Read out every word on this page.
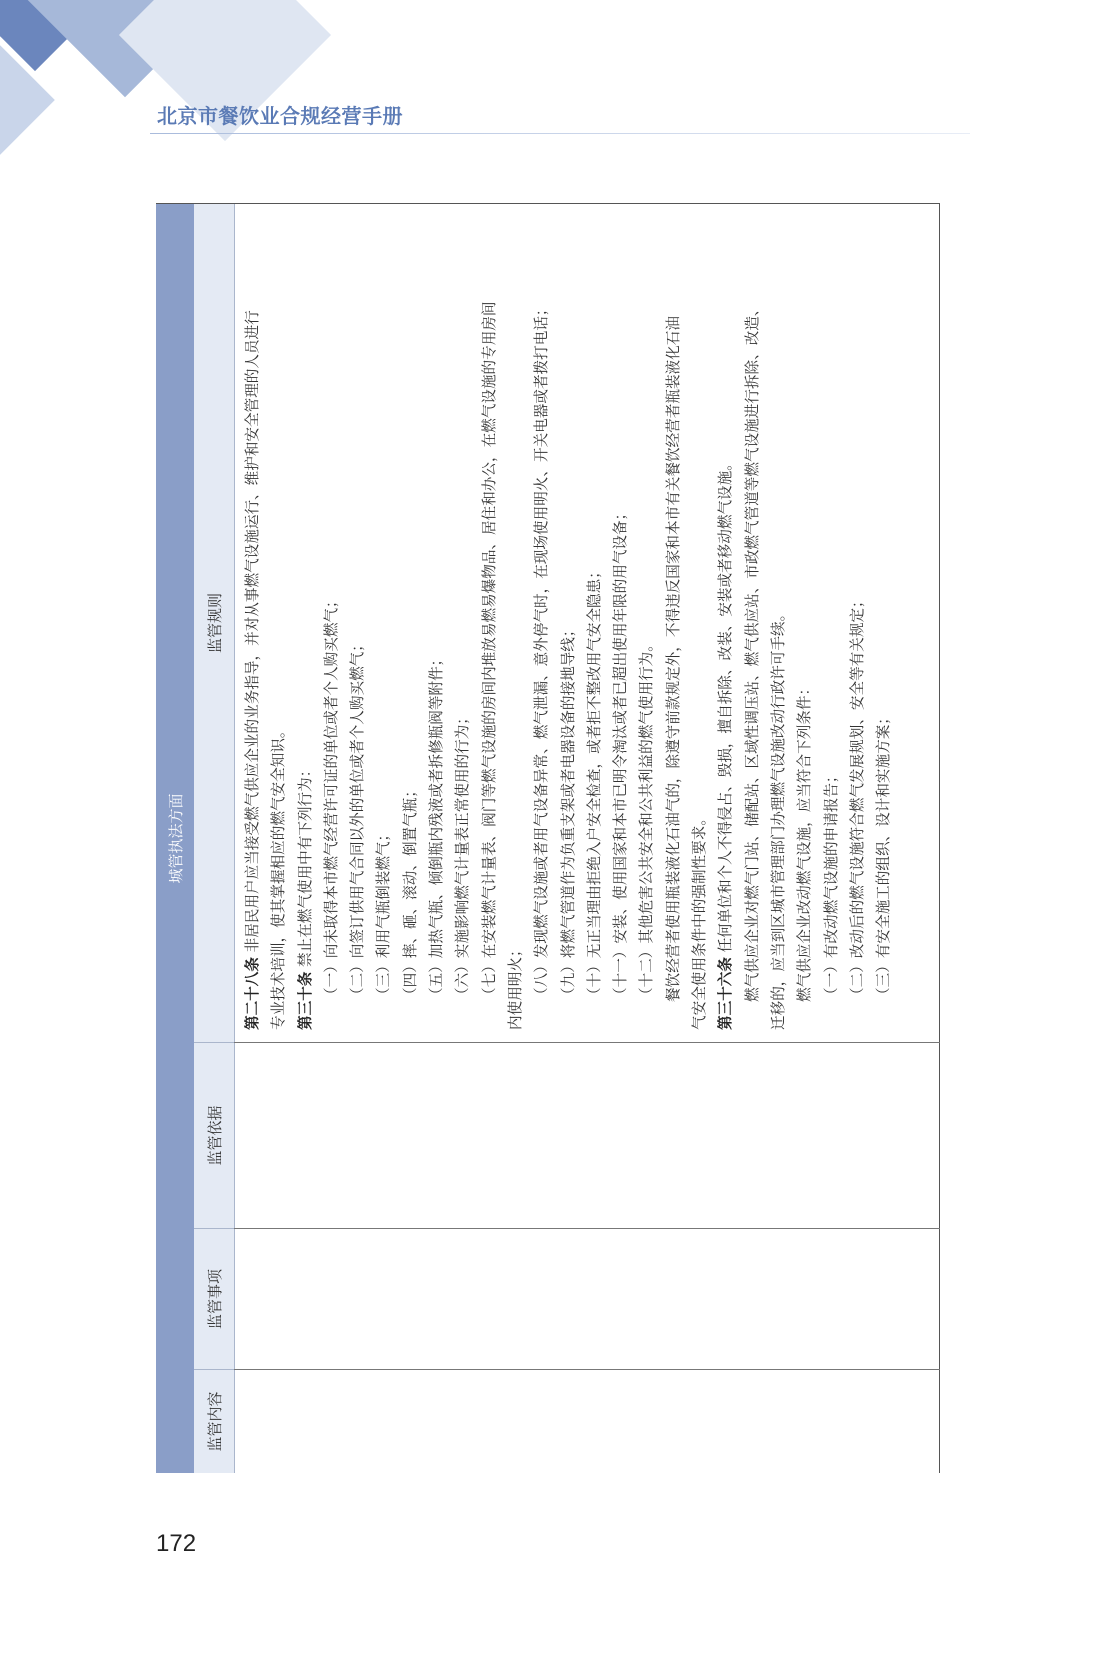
北京市餐饮业合规经营手册
城管执法方面
监管内容
监管事项
监管依据
监管规则
第二十八条 非居民用户应当接受燃气供应企业的业务指导，并对从事燃气设施运行、维护和安全管理的人员进行 专业技术培训，使其掌握相应的燃气安全知识。 第三十条 禁止在燃气使用中有下列行为： （一）向未取得本市燃气经营许可证的单位或者个人购买燃气； （二）向签订供用气合同以外的单位或者个人购买燃气； （三）利用气瓶倒装燃气； （四）摔、砸、滚动、倒置气瓶； （五）加热气瓶、倾倒瓶内残液或者拆修瓶阀等附件； （六）实施影响燃气计量表正常使用的行为； （七）在安装燃气计量表、阀门等燃气设施的房间内堆放易燃易爆物品、居住和办公，在燃气设施的专用房间 内使用明火； （八）发现燃气设施或者用气设备异常、燃气泄漏、意外停气时，在现场使用明火、开关电器或者拨打电话； （九）将燃气管道作为负重支架或者电器设备的接地导线； （十）无正当理由拒绝入户安全检查，或者拒不整改用气安全隐患； （十一）安装、使用国家和本市已明令淘汰或者已超出使用年限的用气设备； （十二）其他危害公共安全和公共利益的燃气使用行为。 餐饮经营者使用瓶装液化石油气的，除遵守前款规定外，不得违反国家和本市有关餐饮经营者瓶装液化石油 气安全使用条件中的强制性要求。 第三十六条 任何单位和个人不得侵占、毁损，擅自拆除、改装、安装或者移动燃气设施。 燃气供应企业对燃气门站、储配站、区域性调压站、燃气供应站、市政燃气管道等燃气设施进行拆除、改造、 迁移的，应当到区城市管理部门办理燃气设施改动行政许可手续。 燃气供应企业改动燃气设施，应当符合下列条件： （一）有改动燃气设施的申请报告； （二）改动后的燃气设施符合燃气发展规划、安全等有关规定； （三）有安全施工的组织、设计和实施方案；
172
